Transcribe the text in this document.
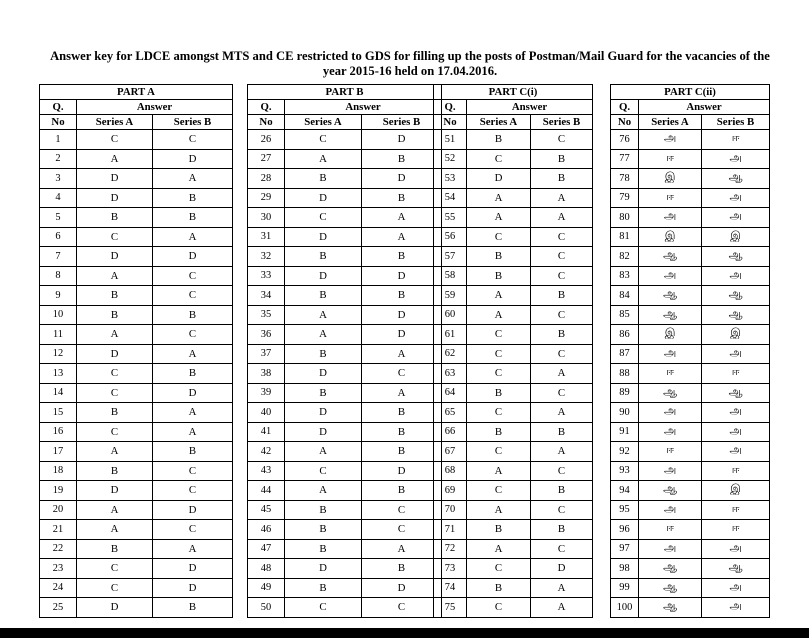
Answer key for LDCE amongst MTS and CE restricted to GDS for filling up the posts of Postman/Mail Guard for the vacancies of the year 2015-16 held on 17.04.2016.
PART A		
Q.	Answer	
No	Series A	Series B
1	C	C
2	A	D
3	D	A
4	D	B
5	B	B
6	C	A
7	D	D
8	A	C
9	B	C
10	B	B
11	A	C
12	D	A
13	C	B
14	C	D
15	B	A
16	C	A
17	A	B
18	B	C
19	D	C
20	A	D
21	A	C
22	B	A
23	C	D
24	C	D
25	D	B
PART B		
Q.	Answer	
No	Series A	Series B
26	C	D
27	A	B
28	B	D
29	D	B
30	C	A
31	D	A
32	B	B
33	D	D
34	B	B
35	A	D
36	A	D
37	B	A
38	D	C
39	B	A
40	D	B
41	D	B
42	A	B
43	C	D
44	A	B
45	B	C
46	B	C
47	B	A
48	D	B
49	B	D
50	C	C
PART C(i)		
Q.	Answer	
No	Series A	Series B
51	B	C
52	C	B
53	D	B
54	A	A
55	A	A
56	C	C
57	B	C
58	B	C
59	A	B
60	A	C
61	C	B
62	C	C
63	C	A
64	B	C
65	C	A
66	B	B
67	C	A
68	A	C
69	C	B
70	A	C
71	B	B
72	A	C
73	C	D
74	B	A
75	C	A
PART C(ii)		
Q.	Answer	
No	Series A	Series B
76	அ	ஈ
77	ஈ	அ
78	இ	ஆ
79	ஈ	அ
80	அ	அ
81	இ	இ
82	ஆ	ஆ
83	அ	அ
84	ஆ	ஆ
85	ஆ	ஆ
86	இ	இ
87	அ	அ
88	ஈ	ஈ
89	ஆ	ஆ
90	அ	அ
91	அ	அ
92	ஈ	அ
93	அ	ஈ
94	ஆ	இ
95	அ	ஈ
96	ஈ	ஈ
97	அ	அ
98	ஆ	ஆ
99	ஆ	அ
100	ஆ	அ
